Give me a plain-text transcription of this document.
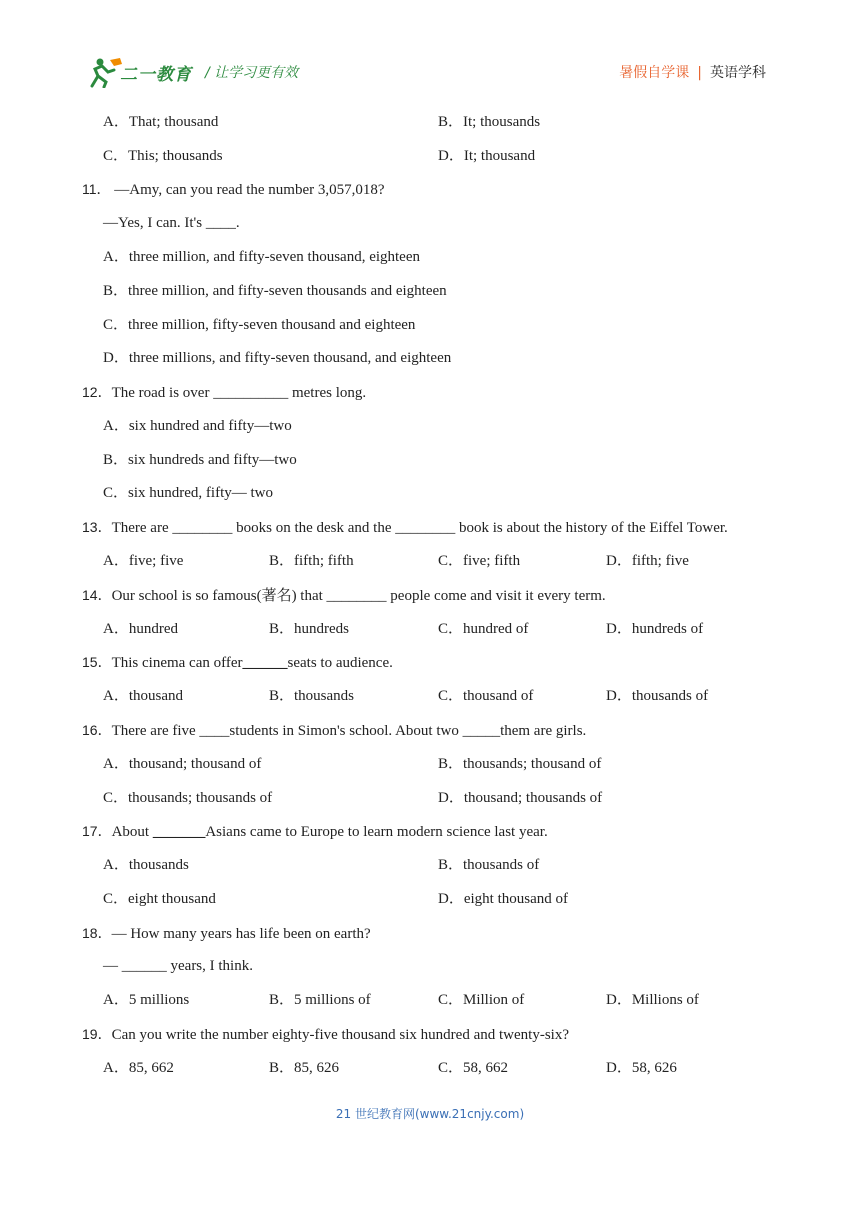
二一教育 / 让学习更有效	暑假自学课 | 英语学科
A．That; thousand	B．It; thousands
C．This; thousands	D．It; thousand
11． —Amy, can you read the number 3,057,018?
—Yes, I can. It's ____.
A．three million, and fifty-seven thousand, eighteen
B．three million, and fifty-seven thousands and eighteen
C．three million, fifty-seven thousand and eighteen
D．three millions, and fifty-seven thousand, and eighteen
12．The road is over __________ metres long.
A．six hundred and fifty—two
B．six hundreds and fifty—two
C．six hundred, fifty— two
13．There are ________ books on the desk and the ________ book is about the history of the Eiffel Tower.
A．five; five	B．fifth; fifth	C．five; fifth	D．fifth; five
14．Our school is so famous(著名) that ________ people come and visit it every term.
A．hundred	B．hundreds	C．hundred of	D．hundreds of
15．This cinema can offer______seats to audience.
A．thousand	B．thousands	C．thousand of	D．thousands of
16．There are five ____students in Simon's school. About two _____them are girls.
A．thousand; thousand of	B．thousands; thousand of
C．thousands; thousands of	D．thousand; thousands of
17．About _______Asians came to Europe to learn modern science last year.
A．thousands	B．thousands of
C．eight thousand	D．eight thousand of
18．— How many years has life been on earth?
— ______ years, I think.
A．5 millions	B．5 millions of	C．Million of	D．Millions of
19．Can you write the number eighty-five thousand six hundred and twenty-six?
A．85, 662	B．85, 626	C．58, 662	D．58, 626
21 世纪教育网(www.21cnjy.com)
